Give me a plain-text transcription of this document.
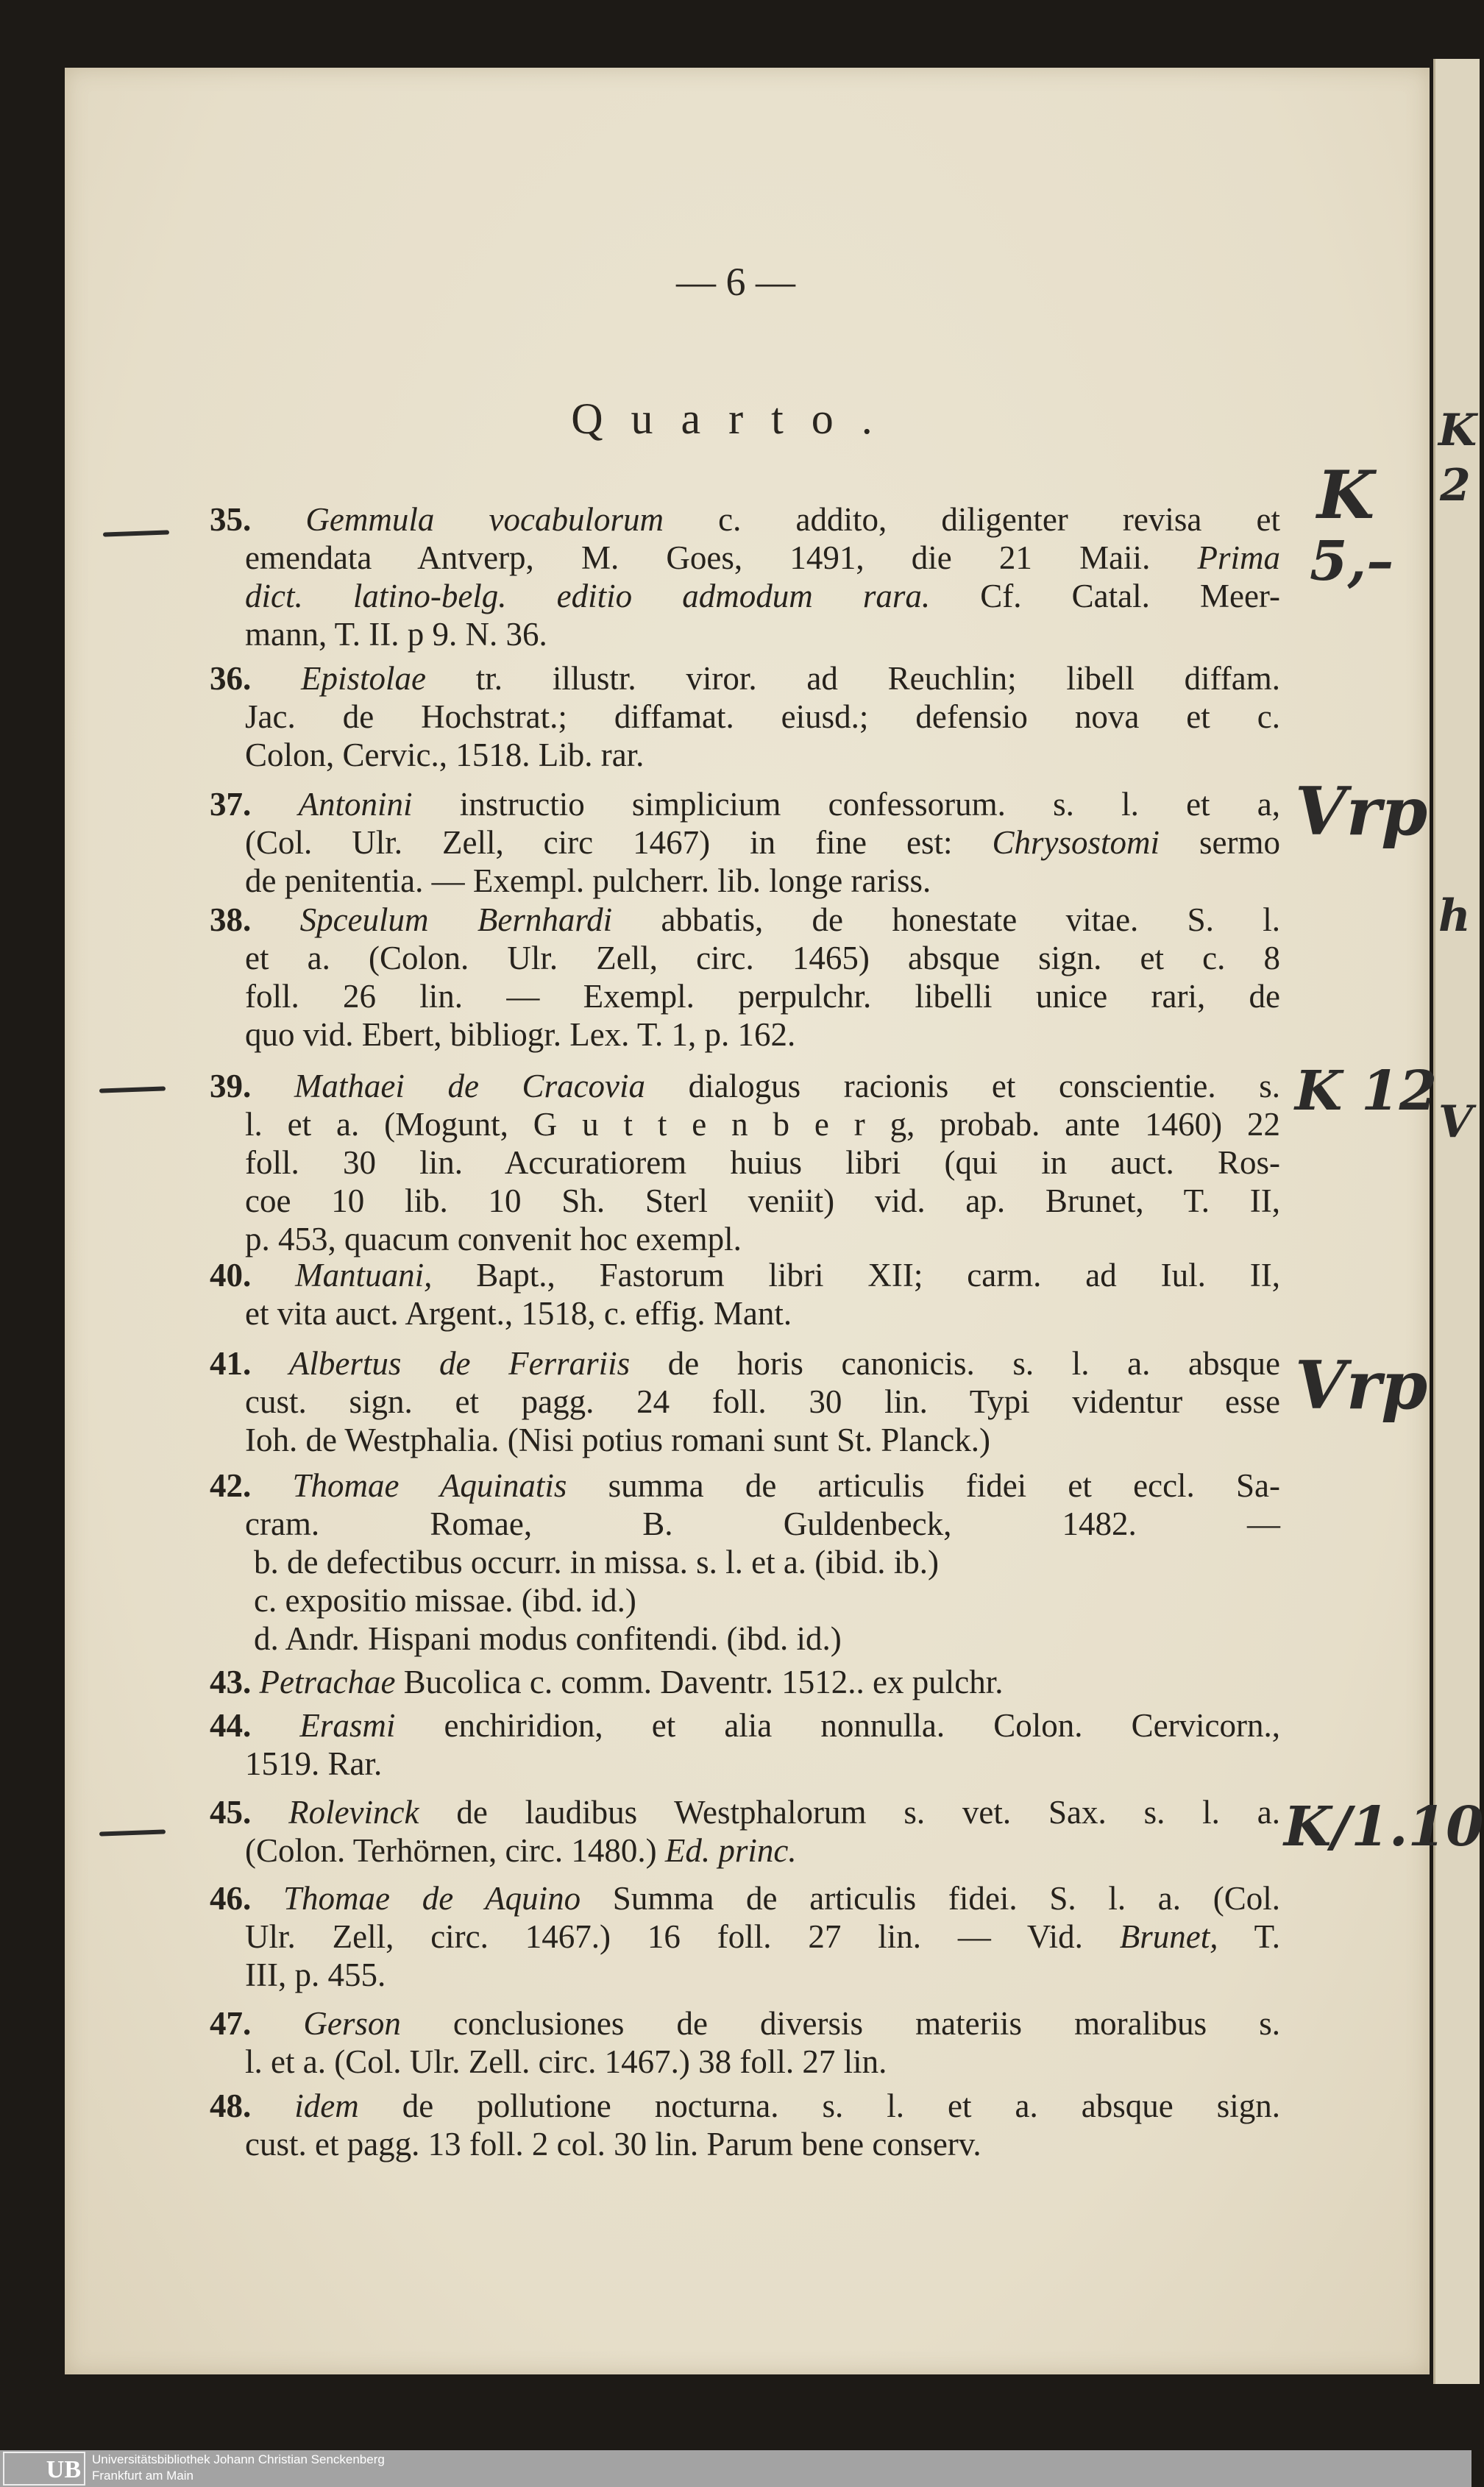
K
2
h
V
— 6 —
Quarto.
35. Gemmula vocabulorum c. addito, diligenter revisa et
emendata Antverp, M. Goes, 1491, die 21 Maii. Prima
dict. latino-belg. editio admodum rara. Cf. Catal. Meer-
mann, T. II. p 9. N. 36.
36. Epistolae tr. illustr. viror. ad Reuchlin; libell diffam.
Jac. de Hochstrat.; diffamat. eiusd.; defensio nova et c.
Colon, Cervic., 1518. Lib. rar.
37. Antonini instructio simplicium confessorum. s. l. et a,
(Col. Ulr. Zell, circ 1467) in fine est: Chrysostomi sermo
de penitentia. — Exempl. pulcherr. lib. longe rariss.
38. Spceulum Bernhardi abbatis, de honestate vitae. S. l.
et a. (Colon. Ulr. Zell, circ. 1465) absque sign. et c. 8
foll. 26 lin. — Exempl. perpulchr. libelli unice rari, de
quo vid. Ebert, bibliogr. Lex. T. 1, p. 162.
39. Mathaei de Cracovia dialogus racionis et conscientie. s.
l. et a. (Mogunt, G u t t e n b e r g, probab. ante 1460) 22
foll. 30 lin. Accuratiorem huius libri (qui in auct. Ros-
coe 10 lib. 10 Sh. Sterl veniit) vid. ap. Brunet, T. II,
p. 453, quacum convenit hoc exempl.
40. Mantuani, Bapt., Fastorum libri XII; carm. ad Iul. II,
et vita auct. Argent., 1518, c. effig. Mant.
41. Albertus de Ferrariis de horis canonicis. s. l. a. absque
cust. sign. et pagg. 24 foll. 30 lin. Typi videntur esse
Ioh. de Westphalia. (Nisi potius romani sunt St. Planck.)
42. Thomae Aquinatis summa de articulis fidei et eccl. Sa-
cram. Romae, B. Guldenbeck, 1482. —
b. de defectibus occurr. in missa. s. l. et a. (ibid. ib.)
c. expositio missae. (ibd. id.)
d. Andr. Hispani modus confitendi. (ibd. id.)
43. Petrachae Bucolica c. comm. Daventr. 1512.. ex pulchr.
44. Erasmi enchiridion, et alia nonnulla. Colon. Cervicorn.,
1519. Rar.
45. Rolevinck de laudibus Westphalorum s. vet. Sax. s. l. a.
(Colon. Terhörnen, circ. 1480.) Ed. princ.
46. Thomae de Aquino Summa de articulis fidei. S. l. a. (Col.
Ulr. Zell, circ. 1467.) 16 foll. 27 lin. — Vid. Brunet, T.
III, p. 455.
47. Gerson conclusiones de diversis materiis moralibus s.
l. et a. (Col. Ulr. Zell. circ. 1467.) 38 foll. 27 lin.
48. idem de pollutione nocturna. s. l. et a. absque sign.
cust. et pagg. 13 foll. 2 col. 30 lin. Parum bene conserv.
K
5,–
Vrp
K 12
Vrp
K/1.10
UB Universitätsbibliothek Johann Christian Senckenberg
Frankfurt am Main
